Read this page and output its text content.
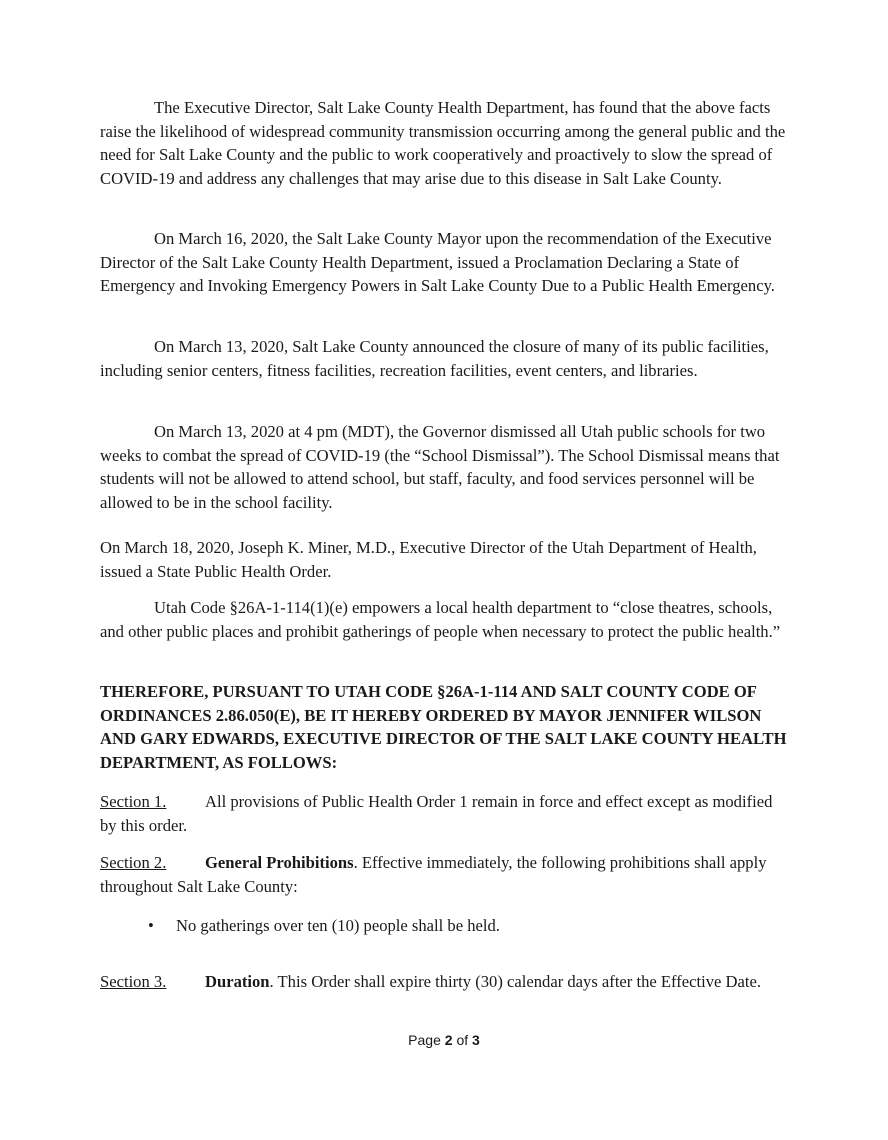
The Executive Director, Salt Lake County Health Department, has found that the above facts raise the likelihood of widespread community transmission occurring among the general public and the need for Salt Lake County and the public to work cooperatively and proactively to slow the spread of COVID-19 and address any challenges that may arise due to this disease in Salt Lake County.

On March 16, 2020, the Salt Lake County Mayor upon the recommendation of the Executive Director of the Salt Lake County Health Department, issued a Proclamation Declaring a State of Emergency and Invoking Emergency Powers in Salt Lake County Due to a Public Health Emergency.

On March 13, 2020, Salt Lake County announced the closure of many of its public facilities, including senior centers, fitness facilities, recreation facilities, event centers, and libraries.

On March 13, 2020 at 4 pm (MDT), the Governor dismissed all Utah public schools for two weeks to combat the spread of COVID-19 (the “School Dismissal”). The School Dismissal means that students will not be allowed to attend school, but staff, faculty, and food services personnel will be allowed to be in the school facility.

On March 18, 2020, Joseph K. Miner, M.D., Executive Director of the Utah Department of Health, issued a State Public Health Order.

Utah Code §26A-1-114(1)(e) empowers a local health department to “close theatres, schools, and other public places and prohibit gatherings of people when necessary to protect the public health.”

THEREFORE, PURSUANT TO UTAH CODE §26A-1-114 AND SALT COUNTY CODE OF ORDINANCES 2.86.050(E), BE IT HEREBY ORDERED BY MAYOR JENNIFER WILSON AND GARY EDWARDS, EXECUTIVE DIRECTOR OF THE SALT LAKE COUNTY HEALTH DEPARTMENT, AS FOLLOWS:

Section 1. All provisions of Public Health Order 1 remain in force and effect except as modified by this order.

Section 2. General Prohibitions. Effective immediately, the following prohibitions shall apply throughout Salt Lake County:

• No gatherings over ten (10) people shall be held.

Section 3. Duration. This Order shall expire thirty (30) calendar days after the Effective Date.

Page 2 of 3
